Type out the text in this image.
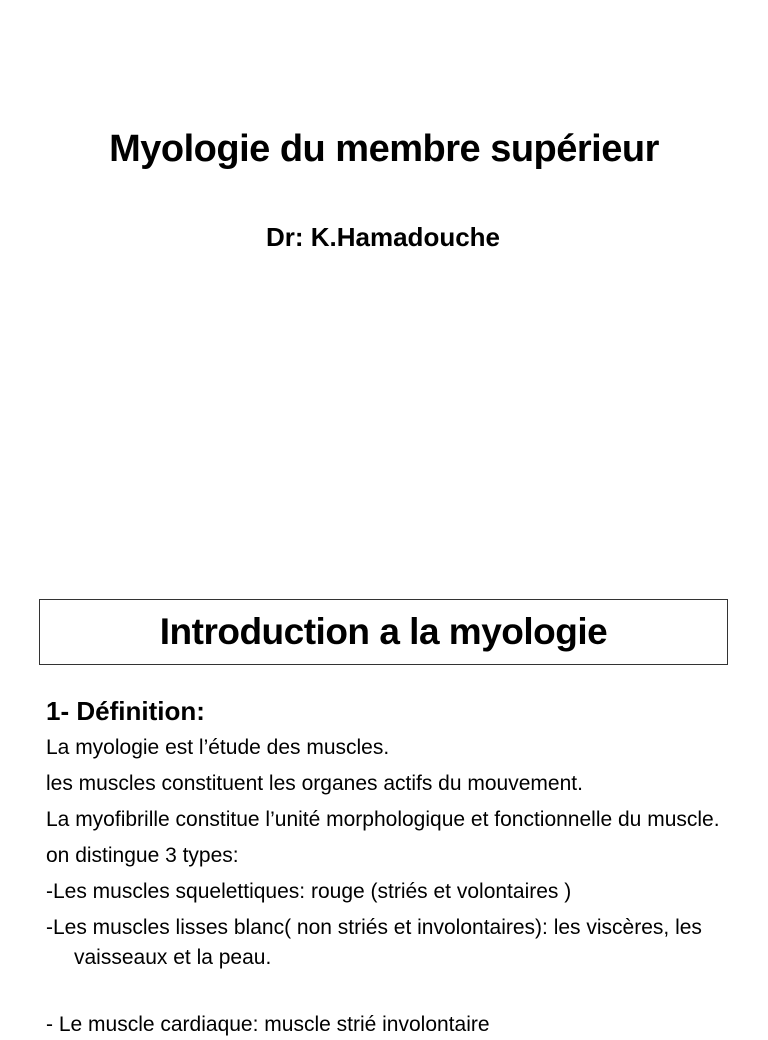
Myologie du membre supérieur
Dr: K.Hamadouche
Introduction a la myologie
1- Définition:
La myologie est l’étude des muscles.
les muscles constituent les organes actifs du mouvement.
La myofibrille constitue l’unité morphologique et fonctionnelle du muscle.
on distingue 3 types:
-Les muscles squelettiques: rouge (striés et volontaires )
-Les muscles lisses blanc( non striés et involontaires): les viscères, les vaisseaux et la peau.
- Le muscle cardiaque: muscle strié involontaire
